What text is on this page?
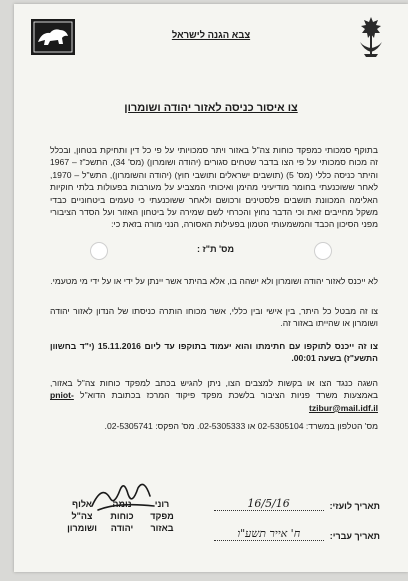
צבא הגנה לישראל
צו איסור כניסה לאזור יהודה ושומרון
בתוקף סמכותי כמפקד כוחות צה"ל באזור ויתר סמכויותי על פי כל דין ותחיקת בטחון, ובכלל זה מכוח סמכותי על פי הצו בדבר שטחים סגורים (יהודה ושומרון) (מס' 34), התשכ"ז – 1967 והיתר כניסה כללי (מס' 5) (תושבים ישראלים ותושבי חוץ) (יהודה והשומרון), התש"ל – 1970, לאחר ששוכנעתי בחומר מודיעיני מהימן ואיכותי המצביע על מעורבות בפעולות בלתי חוקיות האלימה המכוונת תושבים פלסטינים ורכושם ולאחר ששוכנעתי כי טעמים ביטחוניים כבדי משקל מחייבים זאת וכי הדבר נחוץ והכרחי לשם שמירה על ביטחון האזור ועל הסדר הציבורי מפני הסיכון הכבד והמשמעותי הטמון בפעילות האסורה, הנני מורה בזאת כי:
מס' ת"ז :
לא ייכנס לאזור יהודה ושומרון ולא ישהה בו, אלא בהיתר אשר יינתן על ידי או על ידי מי מטעמי.
צו זה מבטל כל היתר, בין אישי ובין כללי, אשר מכוחו הותרה כניסתו של הנדון לאזור יהודה ושומרון או שהייתו באזור זה.
צו זה ייכנס לתוקפו עם חתימתו והוא יעמוד בתוקפו עד ליום 15.11.2016 (י"ד בחשוון התשע"ז) בשעה 00:01.
השגה כנגד הצו או בקשות למצבים הצו, ניתן להגיש בכתב למפקד כוחות צה"ל באזור, באמצעות משרד פניות הציבור בלשכת מפקד פיקוד המרכז בכתובת הדוא"ל pniot-tzibur@mail.idf.il
מס' הטלפון במשרד: 02-5305104 או 02-5305333. מס' הפקס: 02-5305741.
רוני
נומה
אלוף
מפקד
כוחות
צה"ל
באזור
יהודה
ושומרון
תאריך לועזי:
16/5/16
תאריך עברי:
ח' אייר תשע"ו
